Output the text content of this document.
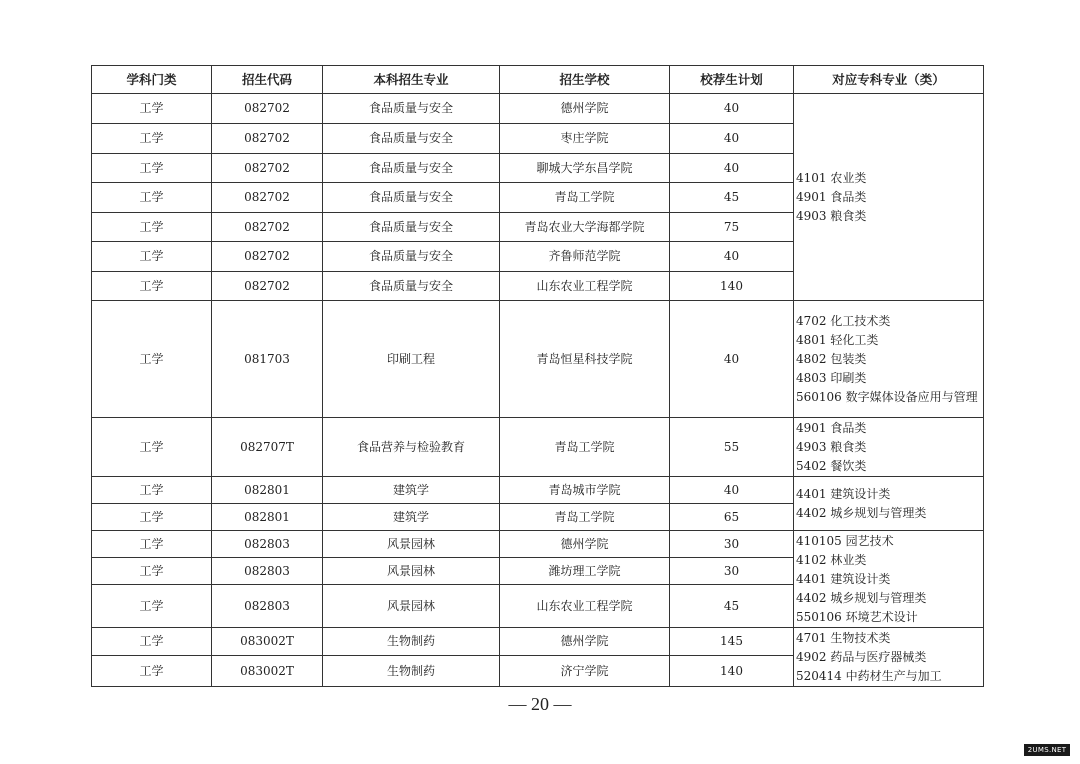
学科门类	招生代码	本科招生专业	招生学校	校荐生计划	对应专科专业（类）
工学	082702	食品质量与安全	德州学院	40	4101 农业类
4901 食品类
4903 粮食类

工学	082702	食品质量与安全	枣庄学院	40	
工学	082702	食品质量与安全	聊城大学东昌学院	40	
工学	082702	食品质量与安全	青岛工学院	45	
工学	082702	食品质量与安全	青岛农业大学海都学院	75	
工学	082702	食品质量与安全	齐鲁师范学院	40	
工学	082702	食品质量与安全	山东农业工程学院	140	
工学	081703	印刷工程	青岛恒星科技学院	40	4702 化工技术类
4801 轻化工类
4802 包装类
4803 印刷类
560106 数字媒体设备应用与管理

工学	082707T	食品营养与检验教育	青岛工学院	55	4901 食品类
4903 粮食类
5402 餐饮类

工学	082801	建筑学	青岛城市学院	40	4401 建筑设计类
4402 城乡规划与管理类

工学	082801	建筑学	青岛工学院	65	
工学	082803	风景园林	德州学院	30	410105 园艺技术
4102 林业类
4401 建筑设计类
4402 城乡规划与管理类
550106 环境艺术设计

工学	082803	风景园林	潍坊理工学院	30	
工学	082803	风景园林	山东农业工程学院	45	
工学	083002T	生物制药	德州学院	145	4701 生物技术类
4902 药品与医疗器械类
520414 中药材生产与加工

工学	083002T	生物制药	济宁学院	140	
— 20 —
2UMS.NET
